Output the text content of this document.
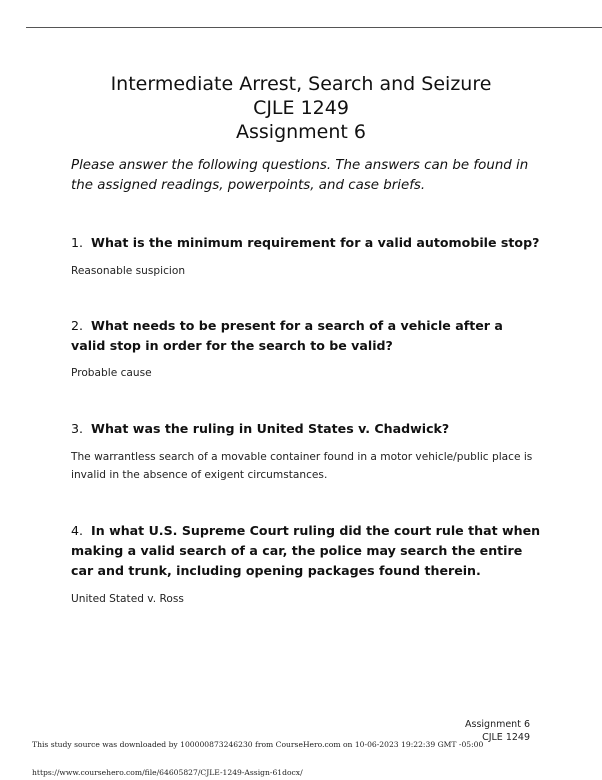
Intermediate Arrest, Search and Seizure
CJLE 1249
Assignment 6
Please answer the following questions. The answers can be found in the assigned readings, powerpoints, and case briefs.
1. What is the minimum requirement for a valid automobile stop?
Reasonable suspicion
2. What needs to be present for a search of a vehicle after a valid stop in order for the search to be valid?
Probable cause
3. What was the ruling in United States v. Chadwick?
The warrantless search of a movable container found in a motor vehicle/public place is invalid in the absence of exigent circumstances.
4. In what U.S. Supreme Court ruling did the court rule that when making a valid search of a car, the police may search the entire car and trunk, including opening packages found therein.
United Stated v. Ross
Assignment 6
CJLE 1249
This study source was downloaded by 100000873246230 from CourseHero.com on 10-06-2023 19:22:39 GMT -05:00
https://www.coursehero.com/file/64605827/CJLE-1249-Assign-61docx/
